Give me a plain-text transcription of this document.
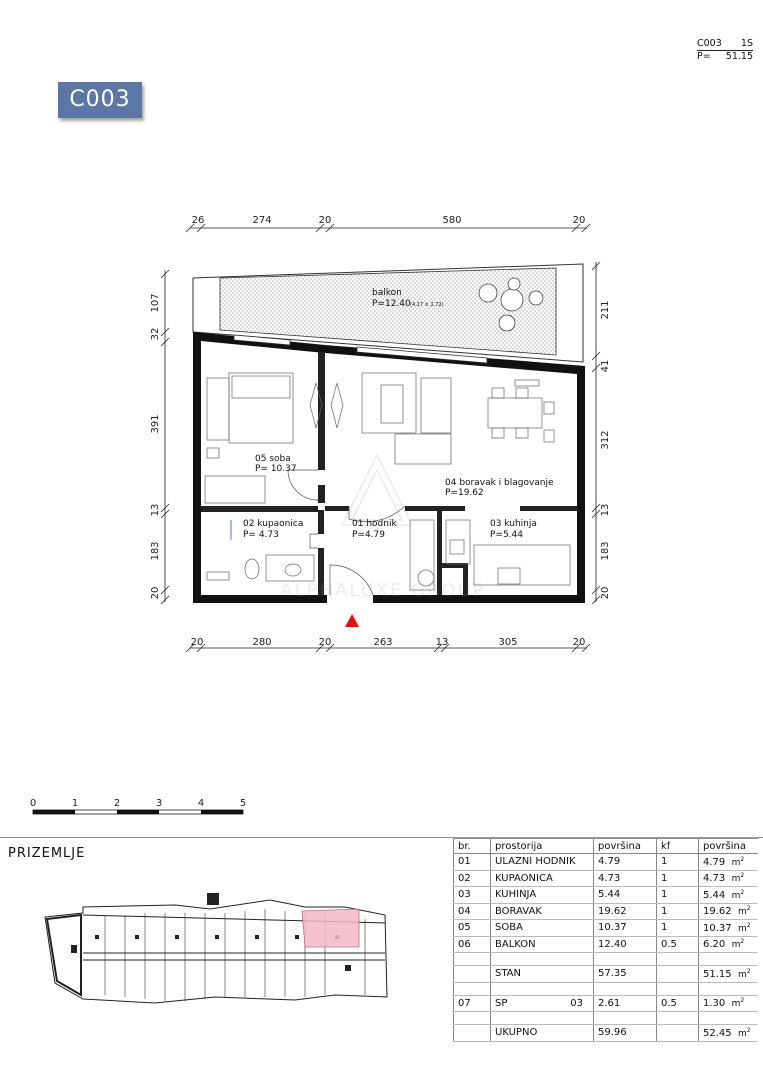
C003
C003 1S
P= 51.15
26	274	20	580	20
20	280	20	263	13	305	20
107
32
391
13
183
20
211
41
312
13
183
20
ALPHALUXE GROUP
balkon
P=12.40 (4.17 × 2.72)
05 soba
P= 10.37
04 boravak i blagovanje
P=19.62
02 kupaonica
P= 4.73
01 hodnik
P=4.79
03 kuhinja
P=5.44
0	1	2	3	4	5
PRIZEMLJE	br.	prostorija	površina	kf	površina
01	ULAZNI HODNIK	4.79	1	4.79 $m^2$
02	KUPAONICA	4.73	1	4.73 $m^2$
03	KUHINJA	5.44	1	5.44 $m^2$
04	BORAVAK	19.62	1	19.62 $m^2$
05	SOBA	10.37	1	10.37 $m^2$
06	BALKON	12.40	0.5	6.20 $m^2$

	STAN	57.35		51.15 $m^2$

07	SP 03	2.61	0.5	1.30 $m^2$

	UKUPNO	59.96		52.45 $m^2$
